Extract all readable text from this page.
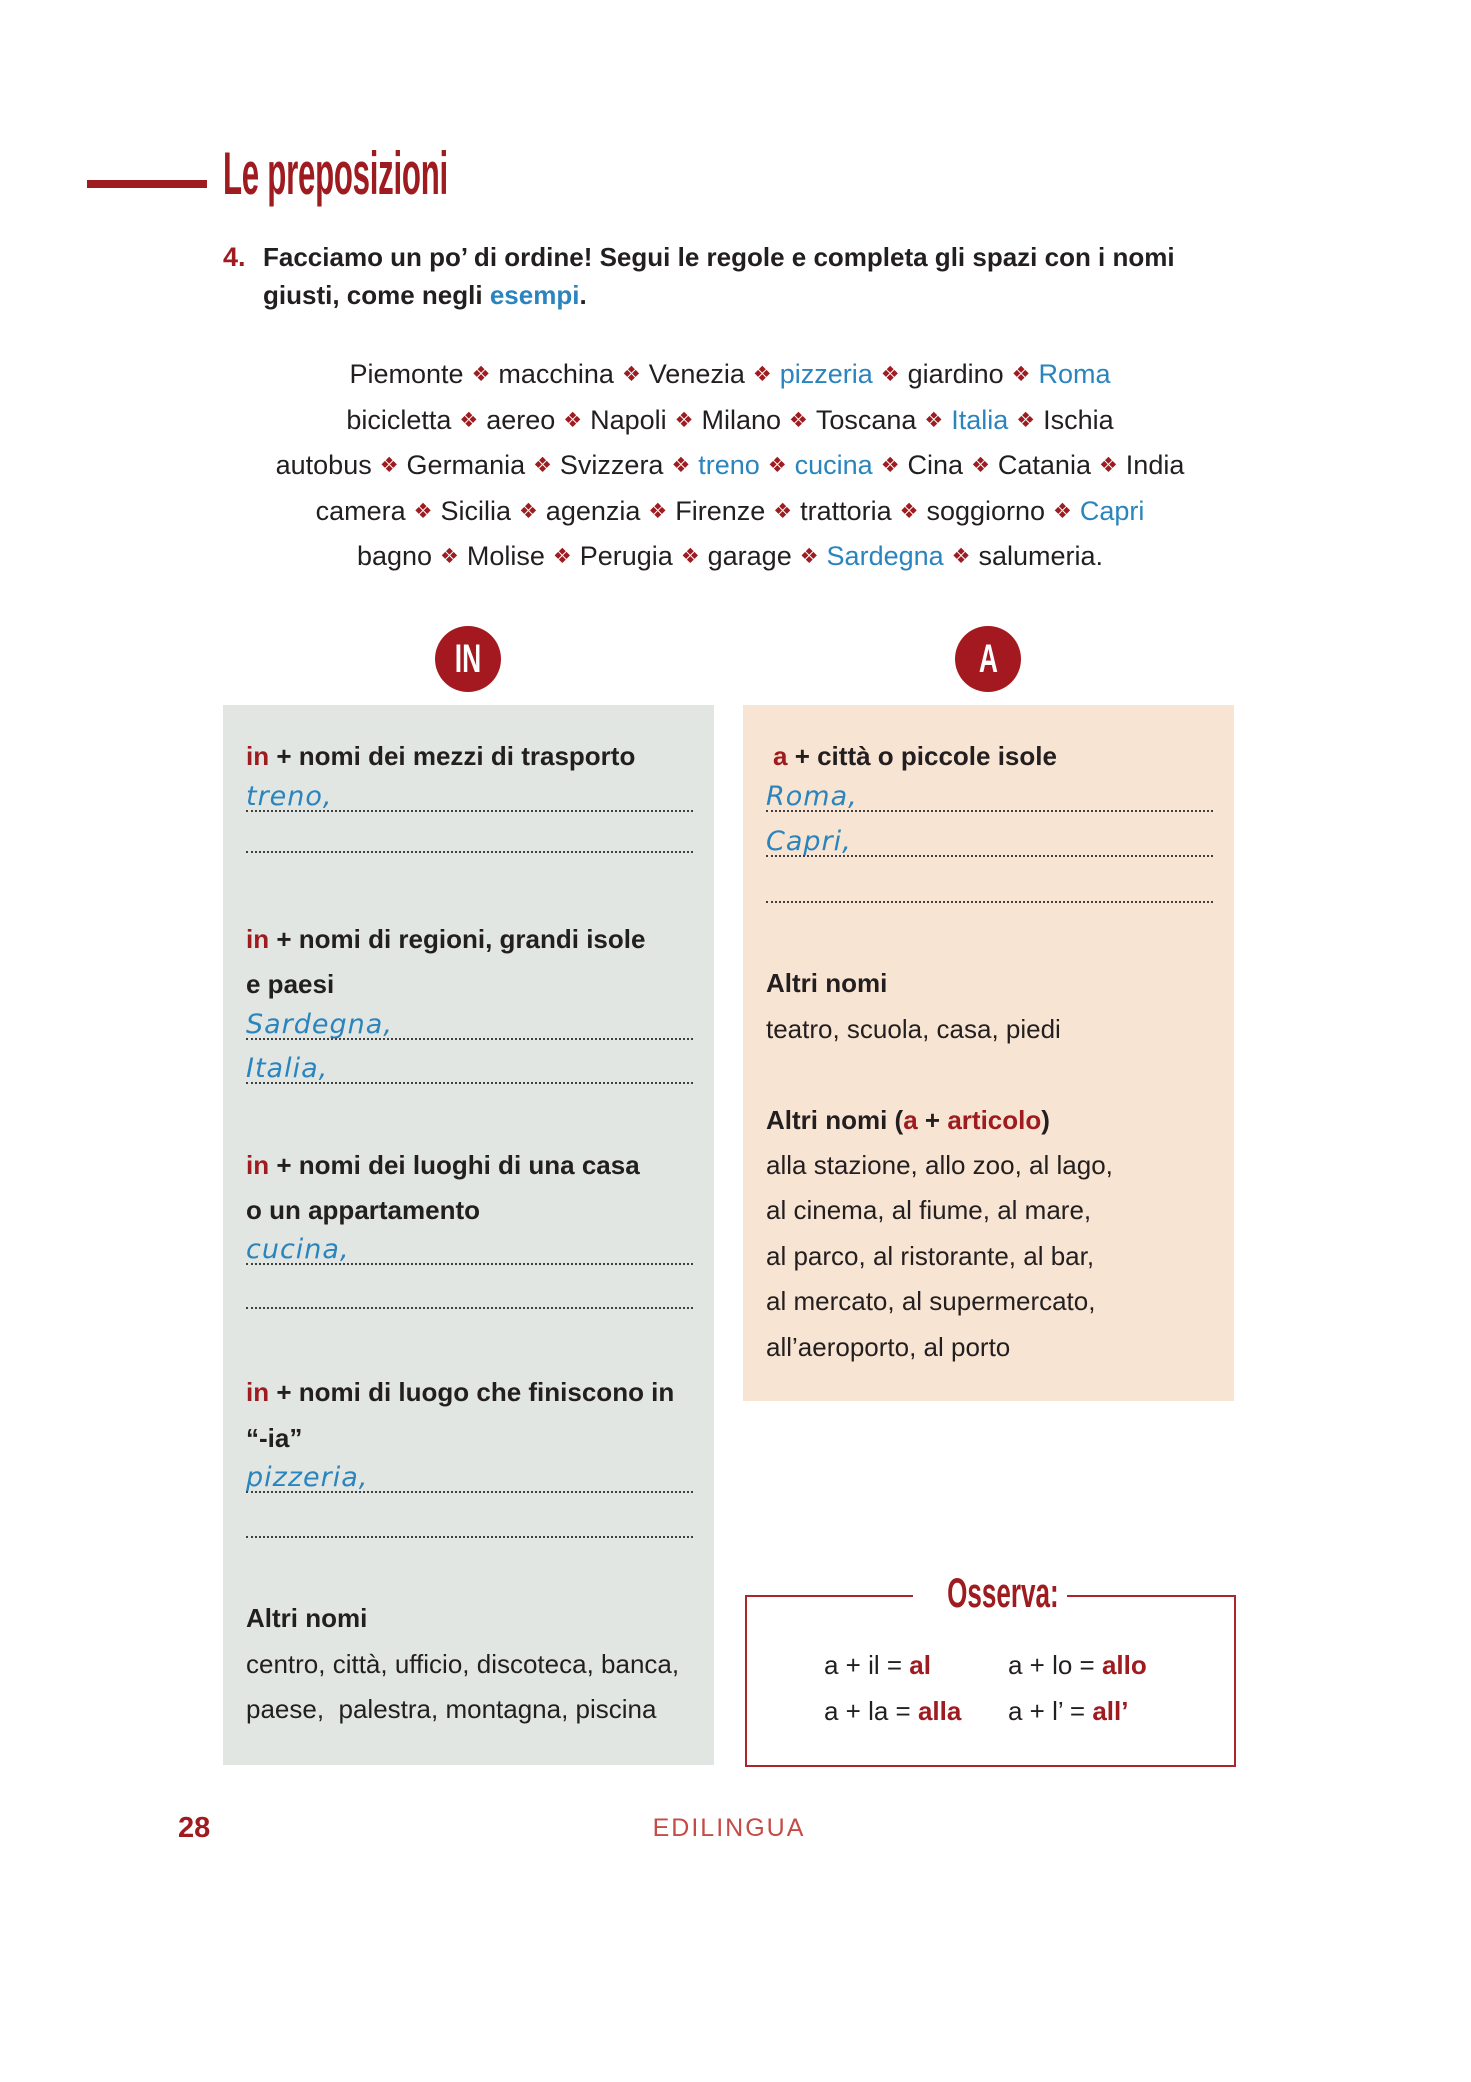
Le preposizioni
4. Facciamo un po’ di ordine! Segui le regole e completa gli spazi con i nomi
giusti, come negli esempi.
Piemonte ❖ macchina ❖ Venezia ❖ pizzeria ❖ giardino ❖ Roma
bicicletta ❖ aereo ❖ Napoli ❖ Milano ❖ Toscana ❖ Italia ❖ Ischia
autobus ❖ Germania ❖ Svizzera ❖ treno ❖ cucina ❖ Cina ❖ Catania ❖ India
camera ❖ Sicilia ❖ agenzia ❖ Firenze ❖ trattoria ❖ soggiorno ❖ Capri
bagno ❖ Molise ❖ Perugia ❖ garage ❖ Sardegna ❖ salumeria.
IN	A
in + nomi dei mezzi di trasporto
treno,
in + nomi di regioni, grandi isole
e paesi
Sardegna,
Italia,
in + nomi dei luoghi di una casa
o un appartamento
cucina,
in + nomi di luogo che finiscono in
“-ia”
pizzeria,
Altri nomi
centro, città, ufficio, discoteca, banca,
paese,  palestra, montagna, piscina
a + città o piccole isole
Roma,
Capri,
Altri nomi
teatro, scuola, casa, piedi
Altri nomi (a + articolo)
alla stazione, allo zoo, al lago,
al cinema, al fiume, al mare,
al parco, al ristorante, al bar,
al mercato, al supermercato,
all’aeroporto, al porto
Osserva:
a + il = al	a + lo = allo
a + la = alla a + l’ = all’
28	EDILINGUA
